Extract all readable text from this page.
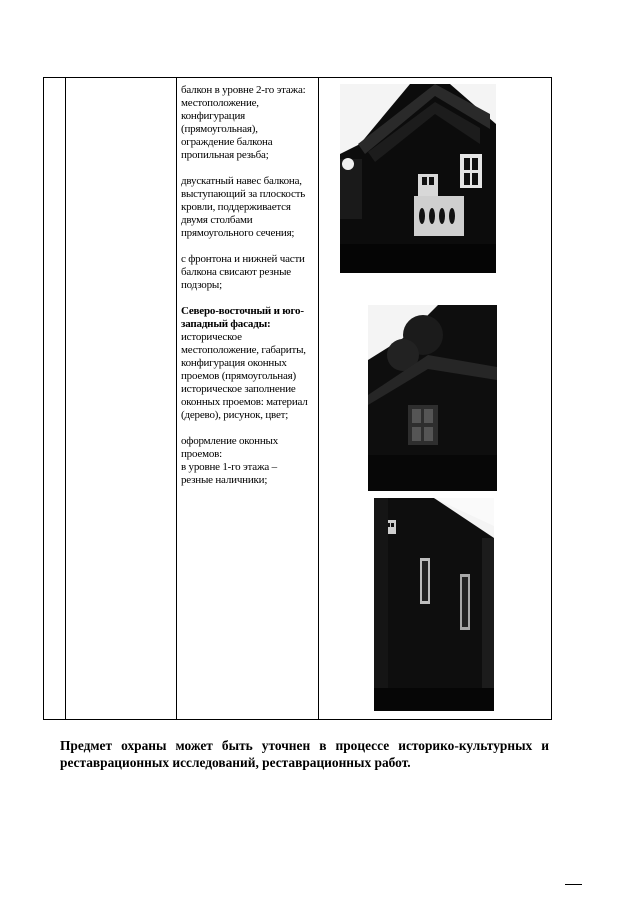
балкон в уровне 2-го этажа:
местоположение,
конфигурация
(прямоугольная),
ограждение балкона
пропильная резьба;

двускатный навес балкона,
выступающий за плоскость
кровли, поддерживается
двумя столбами
прямоугольного сечения;

с фронтона и нижней части
балкона свисают резные
подзоры;

Северо-восточный и юго-
западный фасады:

историческое
местоположение, габариты,
конфигурация оконных
проемов (прямоугольная)
историческое заполнение
оконных проемов: материал
(дерево), рисунок, цвет;

оформление оконных
проемов:
в уровне 1-го этажа –
резные наличники;

Предмет охраны может быть уточнен в процессе историко-культурных и реставрационных исследований, реставрационных работ.
